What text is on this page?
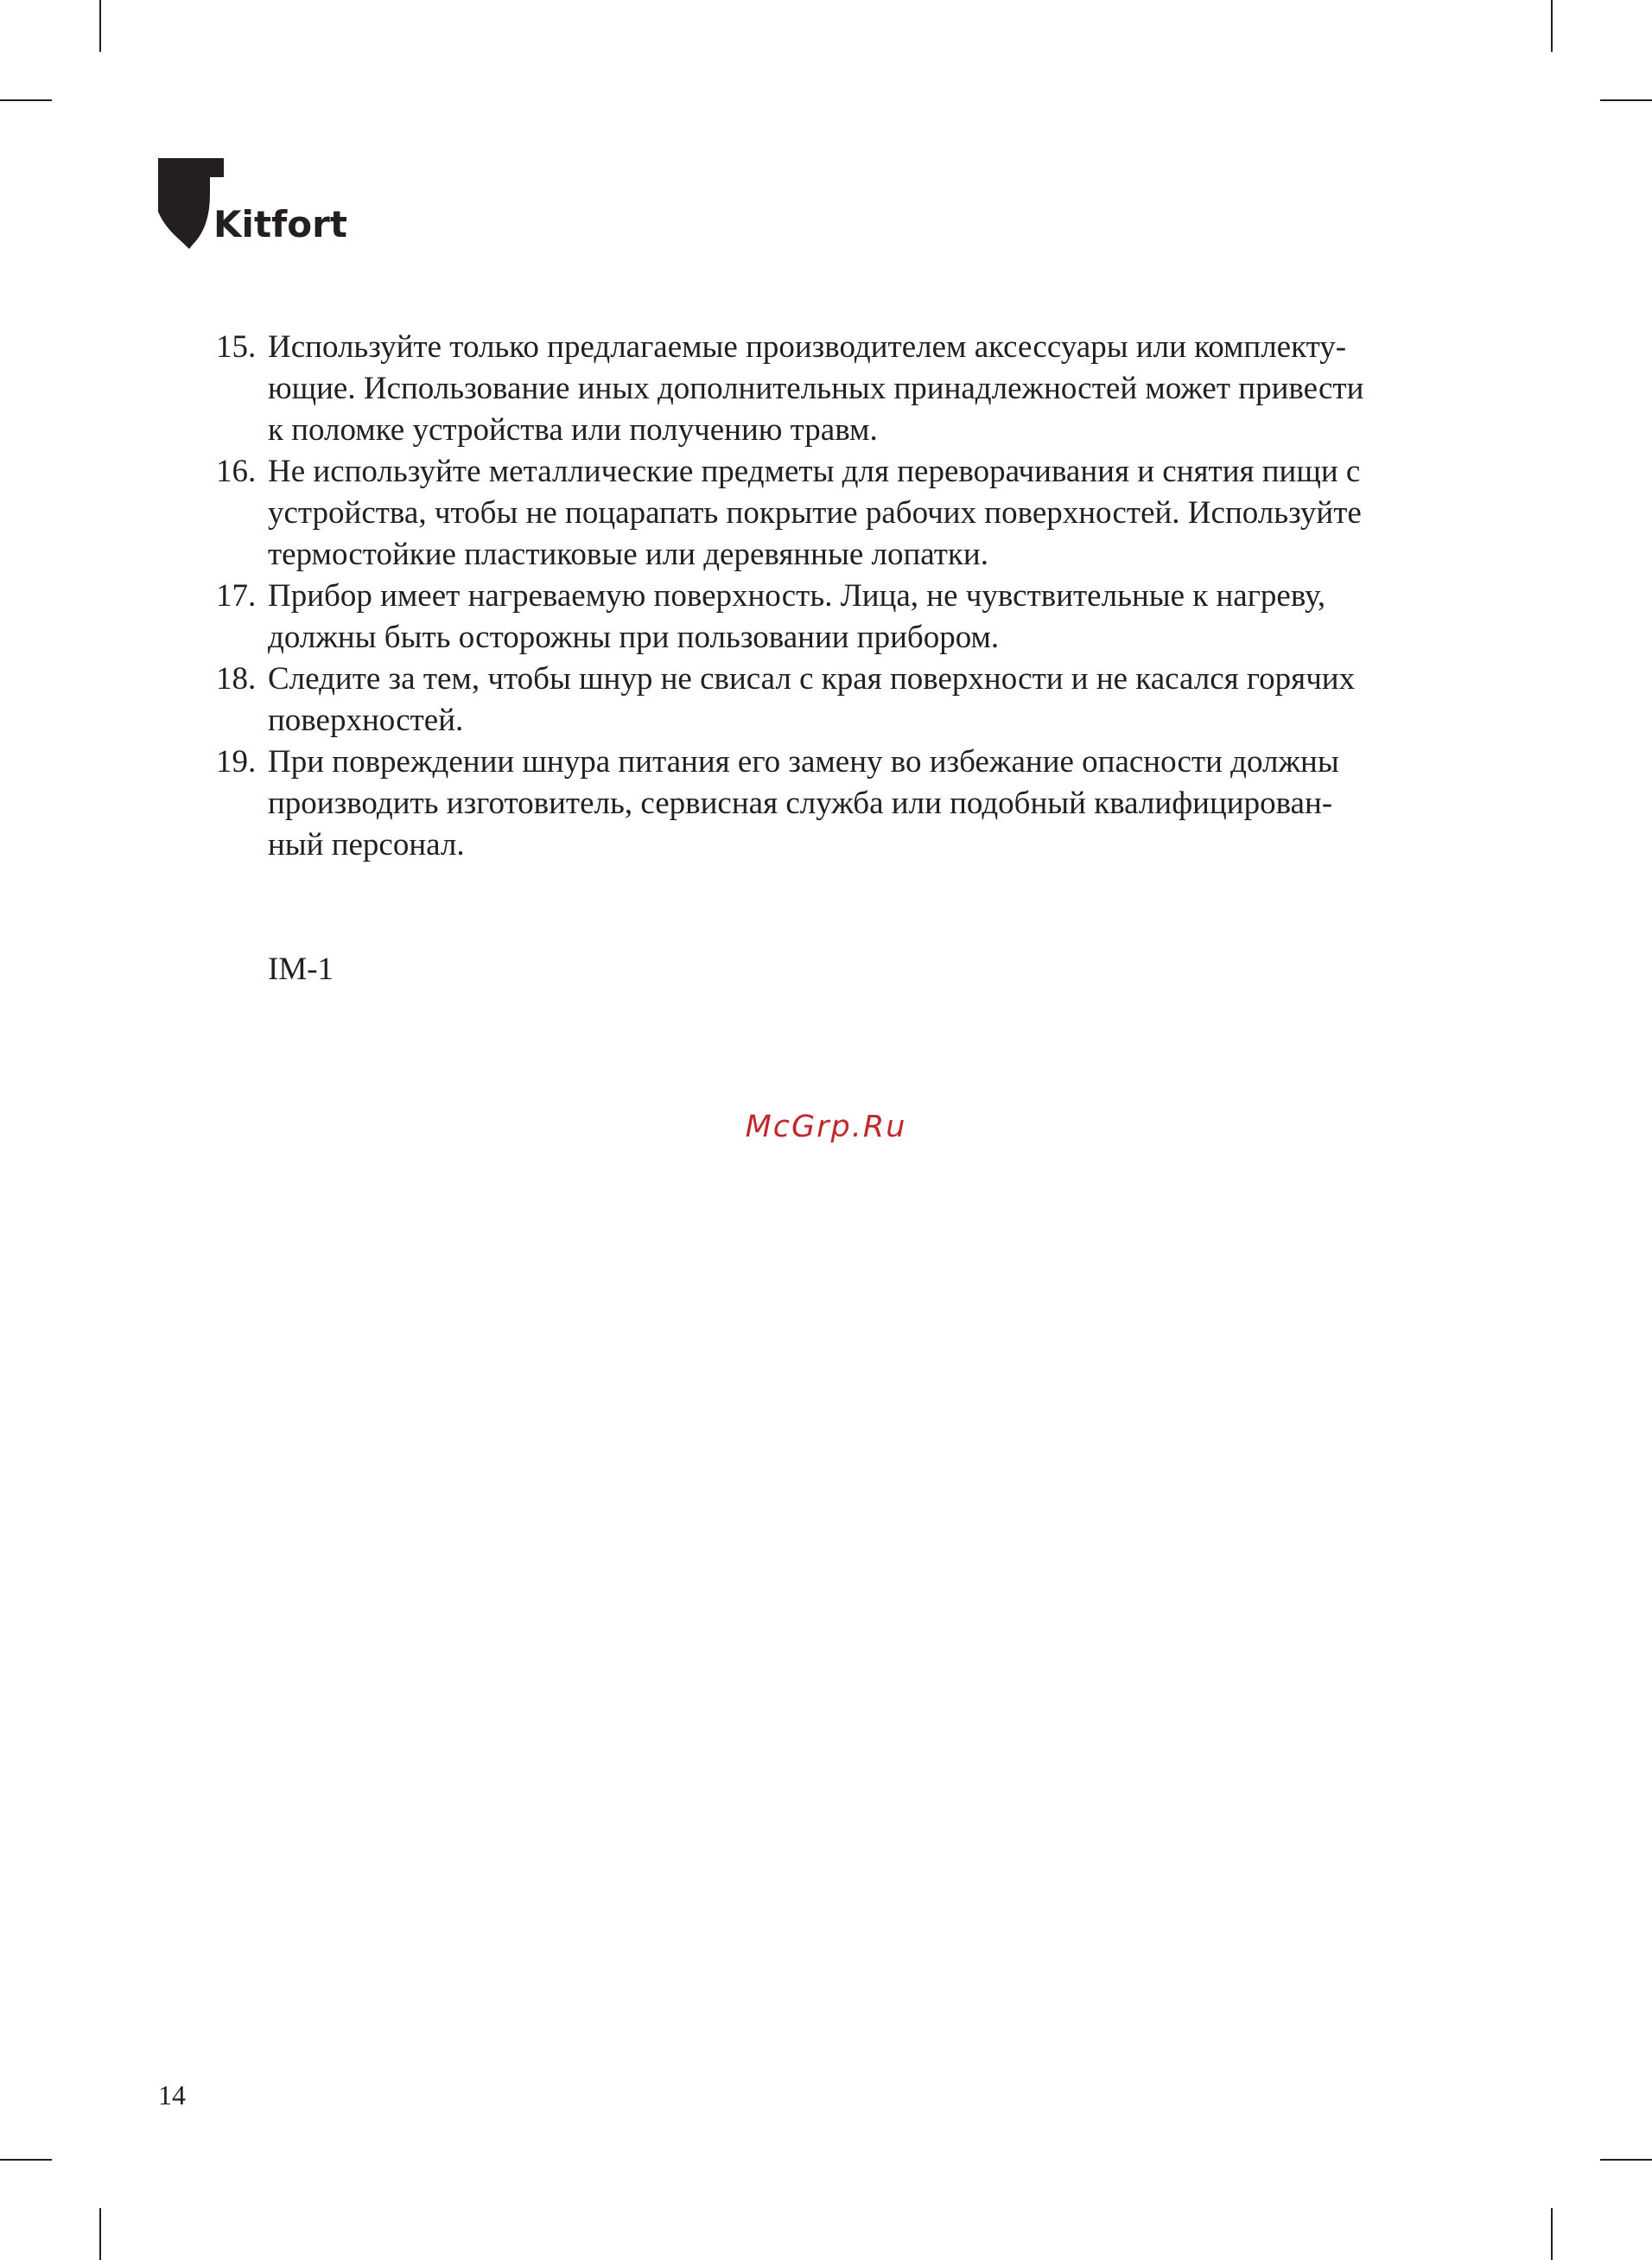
Kitfort
15. Используйте только предлагаемые производителем аксессуары или комплекту-
ющие. Использование иных дополнительных принадлежностей может привести
к поломке устройства или получению травм.
16. Не используйте металлические предметы для переворачивания и снятия пищи с
устройства, чтобы не поцарапать покрытие рабочих поверхностей. Используйте
термостойкие пластиковые или деревянные лопатки.
17. Прибор имеет нагреваемую поверхность. Лица, не чувствительные к нагреву,
должны быть осторожны при пользовании прибором.
18. Следите за тем, чтобы шнур не свисал с края поверхности и не касался горячих
поверхностей.
19. При повреждении шнура питания его замену во избежание опасности должны
производить изготовитель, сервисная служба или подобный квалифицирован-
ный персонал.
IM-1
McGrp.Ru
14
